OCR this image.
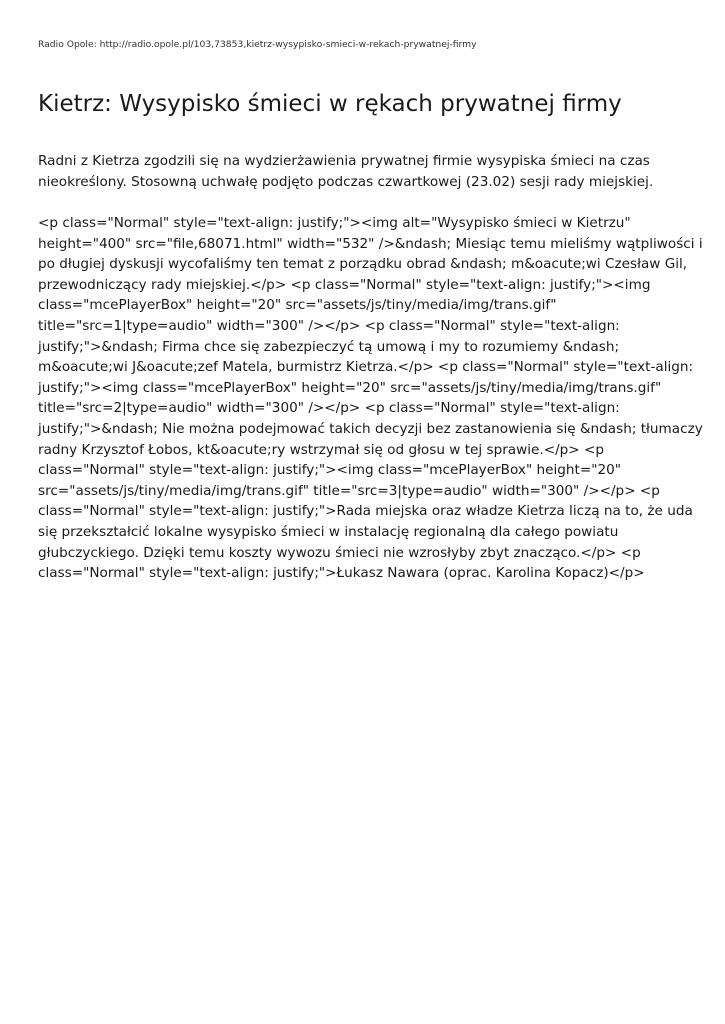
Radio Opole: http://radio.opole.pl/103,73853,kietrz-wysypisko-smieci-w-rekach-prywatnej-firmy
Kietrz: Wysypisko śmieci w rękach prywatnej firmy
Radni z Kietrza zgodzili się na wydzierżawienia prywatnej firmie wysypiska śmieci na czas
nieokreślony. Stosowną uchwałę podjęto podczas czwartkowej (23.02) sesji rady miejskiej.
<p class="Normal" style="text-align: justify;"><img alt="Wysypisko śmieci w Kietrzu"
height="400" src="file,68071.html" width="532" />&ndash; Miesiąc temu mieliśmy wątpliwości i
po długiej dyskusji wycofaliśmy ten temat z porządku obrad &ndash; m&oacute;wi Czesław Gil,
przewodniczący rady miejskiej.</p> <p class="Normal" style="text-align: justify;"><img
class="mcePlayerBox" height="20" src="assets/js/tiny/media/img/trans.gif"
title="src=1|type=audio" width="300" /></p> <p class="Normal" style="text-align:
justify;">&ndash; Firma chce się zabezpieczyć tą umową i my to rozumiemy &ndash;
m&oacute;wi J&oacute;zef Matela, burmistrz Kietrza.</p> <p class="Normal" style="text-align:
justify;"><img class="mcePlayerBox" height="20" src="assets/js/tiny/media/img/trans.gif"
title="src=2|type=audio" width="300" /></p> <p class="Normal" style="text-align:
justify;">&ndash; Nie można podejmować takich decyzji bez zastanowienia się &ndash; tłumaczy
radny Krzysztof Łobos, kt&oacute;ry wstrzymał się od głosu w tej sprawie.</p> <p
class="Normal" style="text-align: justify;"><img class="mcePlayerBox" height="20"
src="assets/js/tiny/media/img/trans.gif" title="src=3|type=audio" width="300" /></p> <p
class="Normal" style="text-align: justify;">Rada miejska oraz władze Kietrza liczą na to, że uda
się przekształcić lokalne wysypisko śmieci w instalację regionalną dla całego powiatu
głubczyckiego. Dzięki temu koszty wywozu śmieci nie wzrosłyby zbyt znacząco.</p> <p
class="Normal" style="text-align: justify;">Łukasz Nawara (oprac. Karolina Kopacz)</p>
